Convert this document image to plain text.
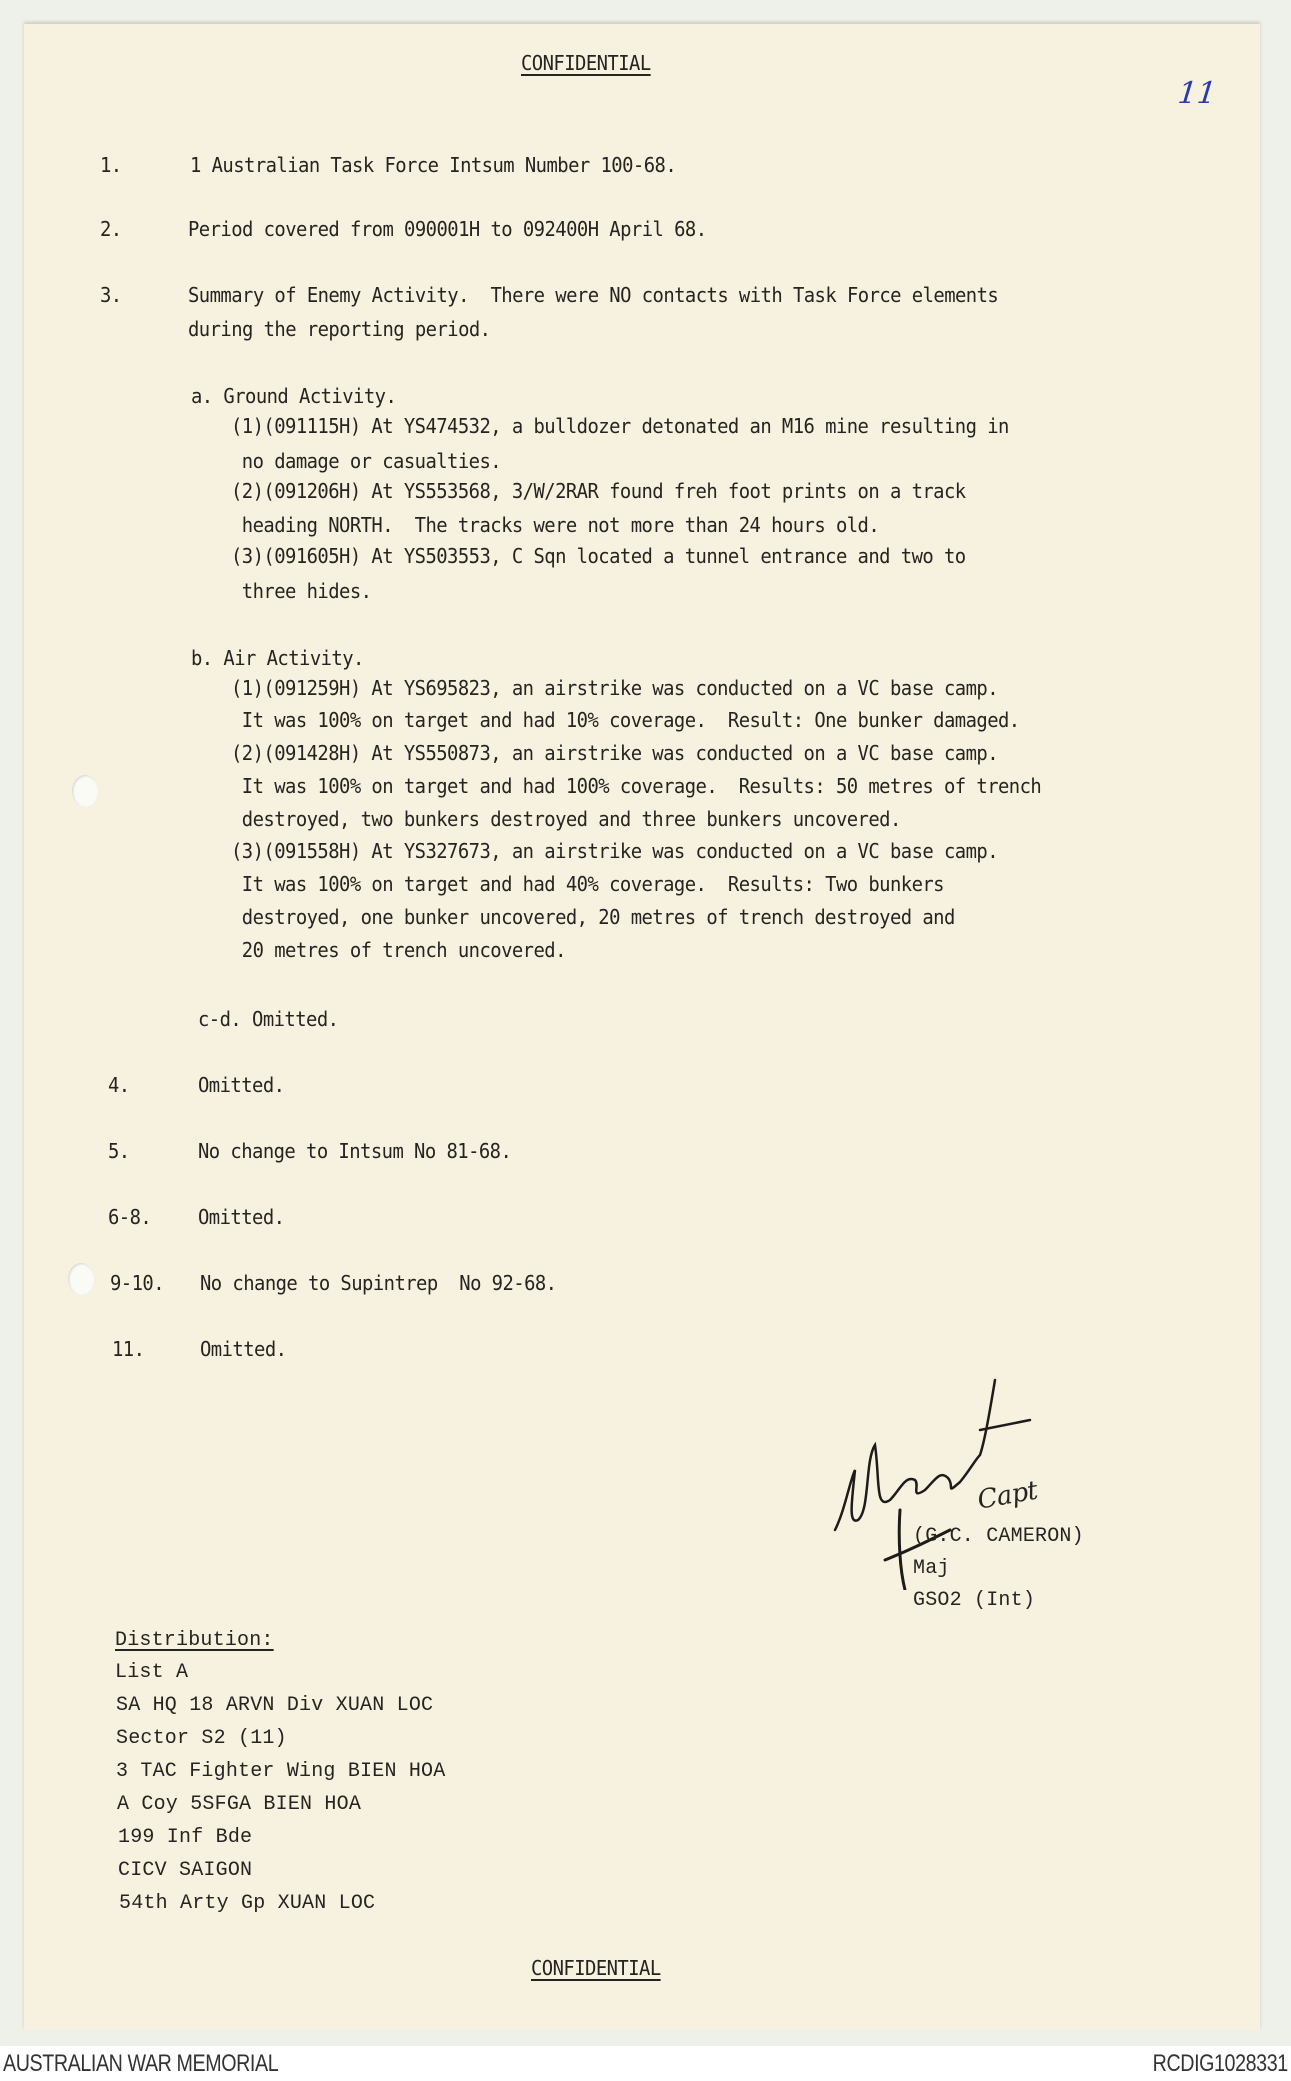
CONFIDENTIAL
11
1.	1 Australian Task Force Intsum Number 100-68.
2.	Period covered from 090001H to 092400H April 68.
3.	Summary of Enemy Activity.  There were NO contacts with Task Force elements
during the reporting period.
a. Ground Activity.
(1)(091115H) At YS474532, a bulldozer detonated an M16 mine resulting in
no damage or casualties.
(2)(091206H) At YS553568, 3/W/2RAR found freh foot prints on a track
heading NORTH.  The tracks were not more than 24 hours old.
(3)(091605H) At YS503553, C Sqn located a tunnel entrance and two to
three hides.
b. Air Activity.
(1)(091259H) At YS695823, an airstrike was conducted on a VC base camp.
It was 100% on target and had 10% coverage.  Result: One bunker damaged.
(2)(091428H) At YS550873, an airstrike was conducted on a VC base camp.
It was 100% on target and had 100% coverage.  Results: 50 metres of trench
destroyed, two bunkers destroyed and three bunkers uncovered.
(3)(091558H) At YS327673, an airstrike was conducted on a VC base camp.
It was 100% on target and had 40% coverage.  Results: Two bunkers
destroyed, one bunker uncovered, 20 metres of trench destroyed and
20 metres of trench uncovered.
c-d. Omitted.
4.	Omitted.
5.	No change to Intsum No 81-68.
6-8. Omitted.
9-10. No change to Supintrep  No 92-68.
11.	Omitted.
Capt
(G.C. CAMERON)
Maj
GSO2 (Int)
Distribution:
List A
SA HQ 18 ARVN Div XUAN LOC
Sector S2 (11)
3 TAC Fighter Wing BIEN HOA
A Coy 5SFGA BIEN HOA
199 Inf Bde
CICV SAIGON
54th Arty Gp XUAN LOC
CONFIDENTIAL
AUSTRALIAN WAR MEMORIAL	RCDIG1028331
